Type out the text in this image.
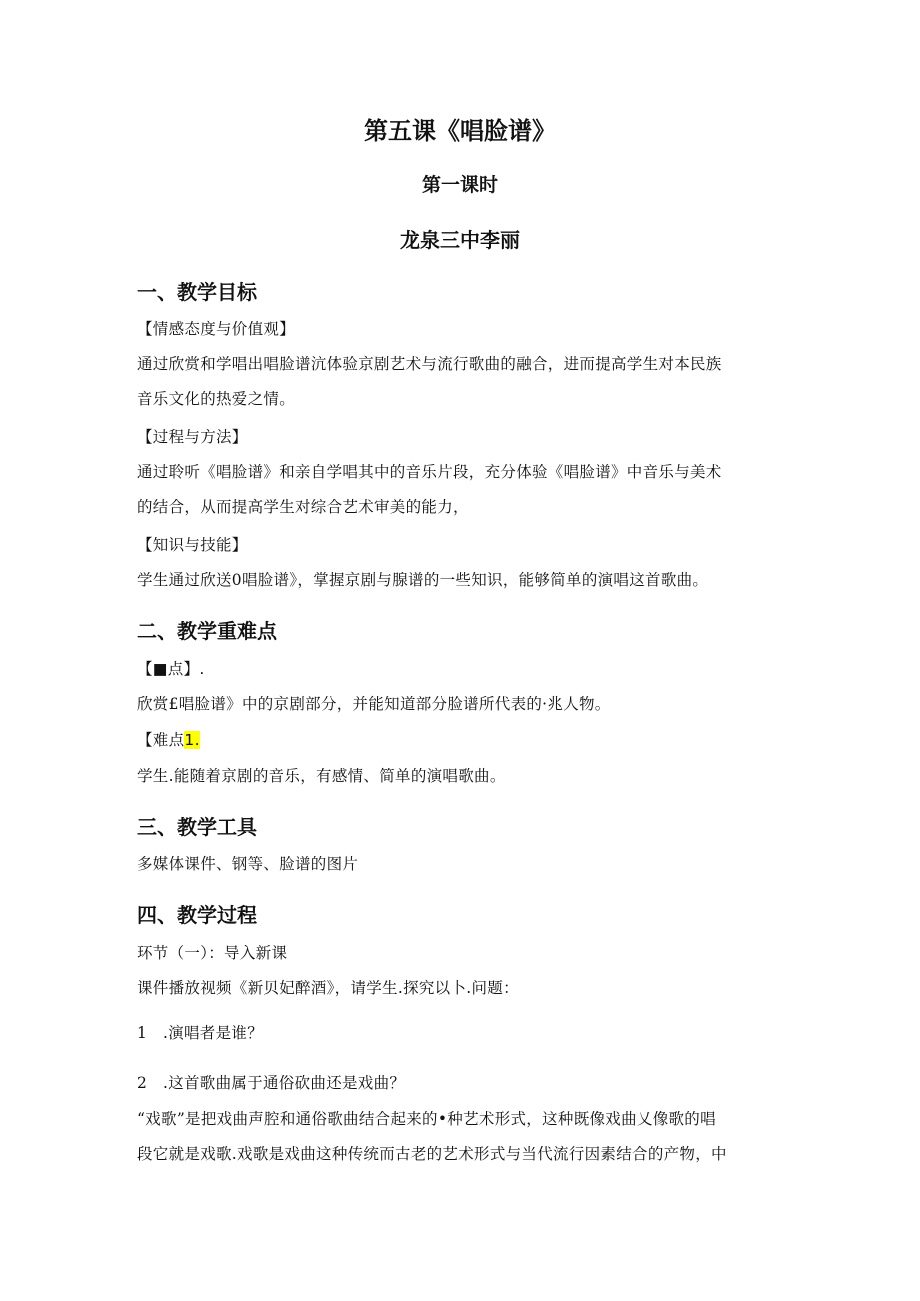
第五课《唱脸谱》
第一课时
龙泉三中李丽
一、教学目标
【情感态度与价值观】
通过欣赏和学唱出唱脸谱沆体验京剧艺术与流行歌曲的融合，进而提高学生对本民族
音乐文化的热爱之情。
【过程与方法】
通过聆听《唱脸谱》和亲自学唱其中的音乐片段，充分体验《唱脸谱》中音乐与美术
的结合，从而提高学生对综合艺术审美的能力，
【知识与技能】
学生通过欣送0唱脸谱》，掌握京剧与腺谱的一些知识，能够简单的演唱这首歌曲。
二、教学重难点
【■点】.
欣赏£唱脸谱》中的京剧部分，并能知道部分脸谱所代表的·兆人物。
【难点1.
学生.能随着京剧的音乐，有感情、简单的演唱歌曲。
三、教学工具
多媒体课件、钢等、脸谱的图片
四、教学过程
环节（一）：导入新课
课件播放视频《新贝妃醉酒》，请学生.探究以卜.问题：
1　.演唱者是谁？
2　.这首歌曲属于通俗砍曲还是戏曲？
“戏歌”是把戏曲声腔和通俗歌曲结合起来的•种艺术形式，这种既像戏曲乂像歌的唱
段它就是戏歌.戏歌是戏曲这种传统而古老的艺术形式与当代流行因素结合的产物，中
